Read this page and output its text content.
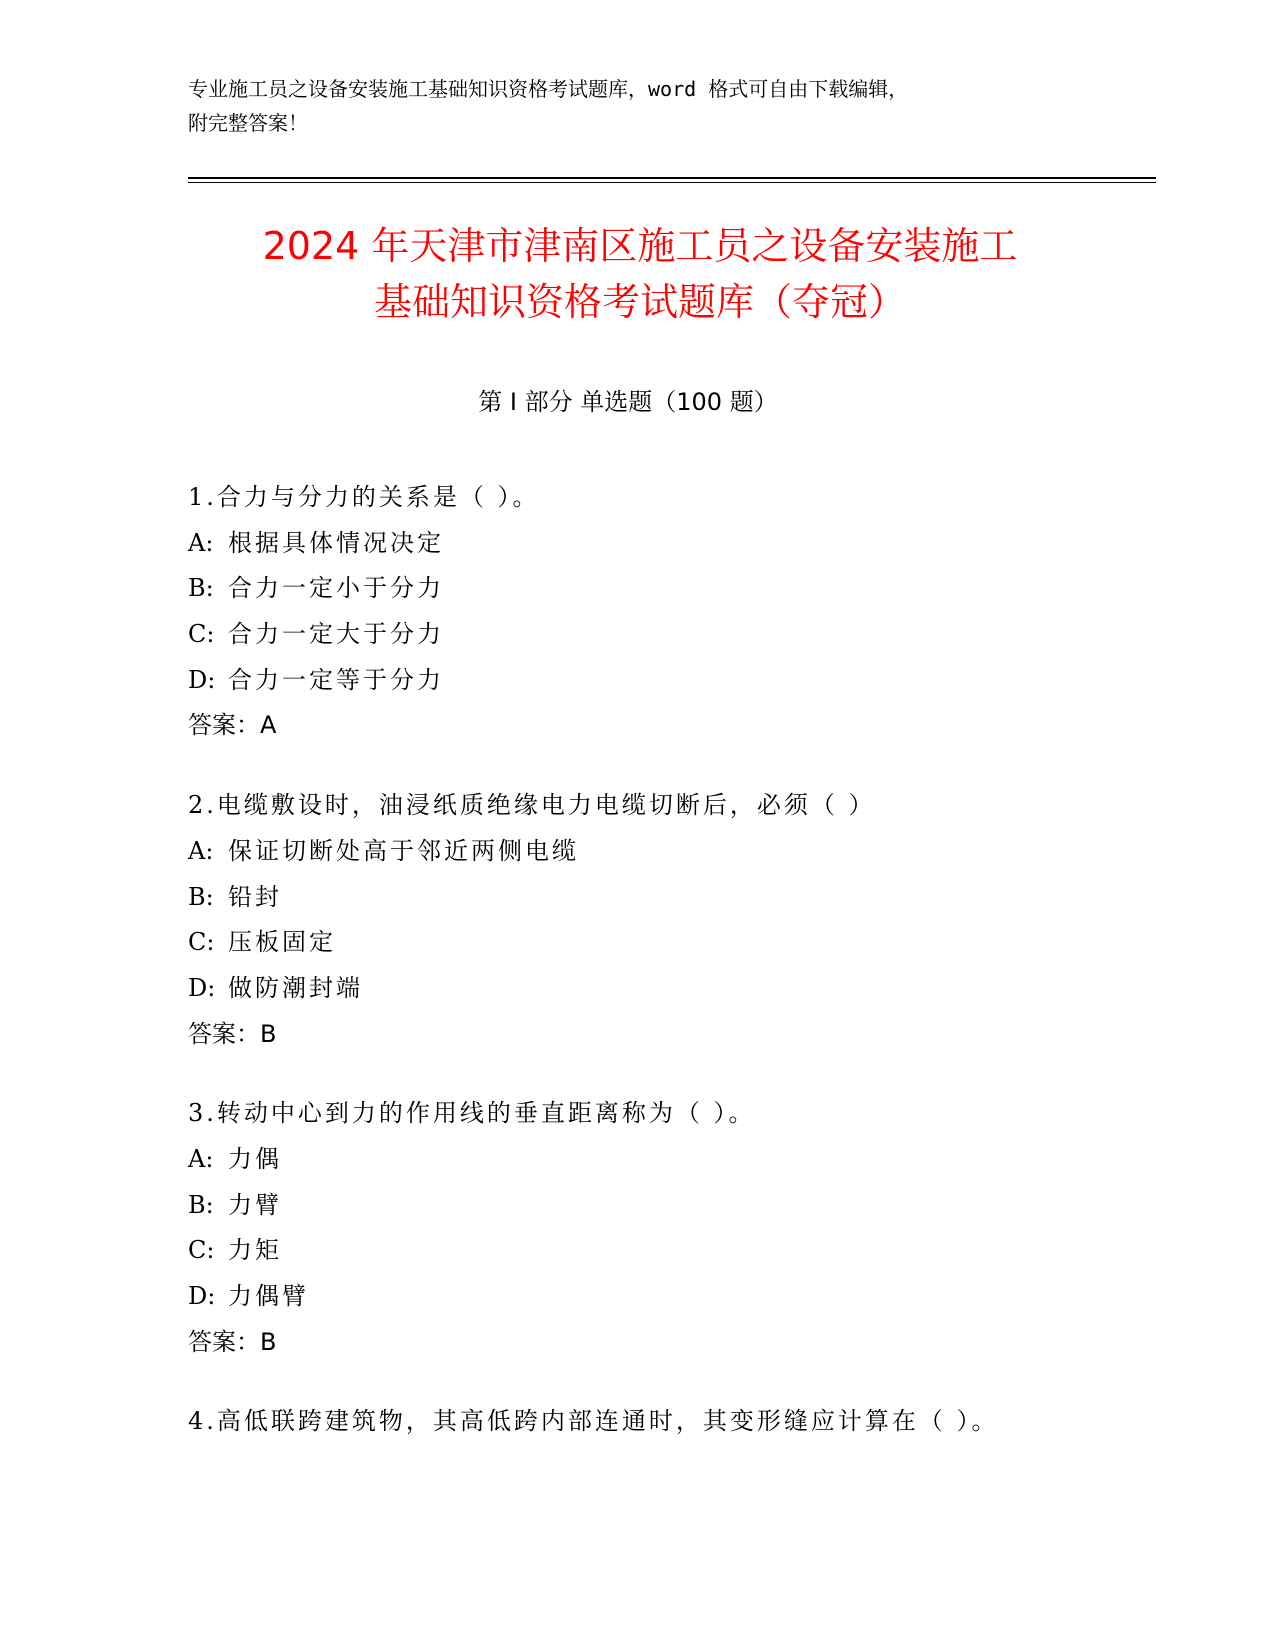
专业施工员之设备安装施工基础知识资格考试题库，word 格式可自由下载编辑，
附完整答案！
2024 年天津市津南区施工员之设备安装施工
基础知识资格考试题库（夺冠）
第 I 部分 单选题（100 题）
1.合力与分力的关系是（ ）。
A: 根据具体情况决定
B: 合力一定小于分力
C: 合力一定大于分力
D: 合力一定等于分力
答案：A
2.电缆敷设时，油浸纸质绝缘电力电缆切断后，必须（ ）
A: 保证切断处高于邻近两侧电缆
B: 铅封
C: 压板固定
D: 做防潮封端
答案：B
3.转动中心到力的作用线的垂直距离称为（ ）。
A: 力偶
B: 力臂
C: 力矩
D: 力偶臂
答案：B
4.高低联跨建筑物，其高低跨内部连通时，其变形缝应计算在（ ）。
